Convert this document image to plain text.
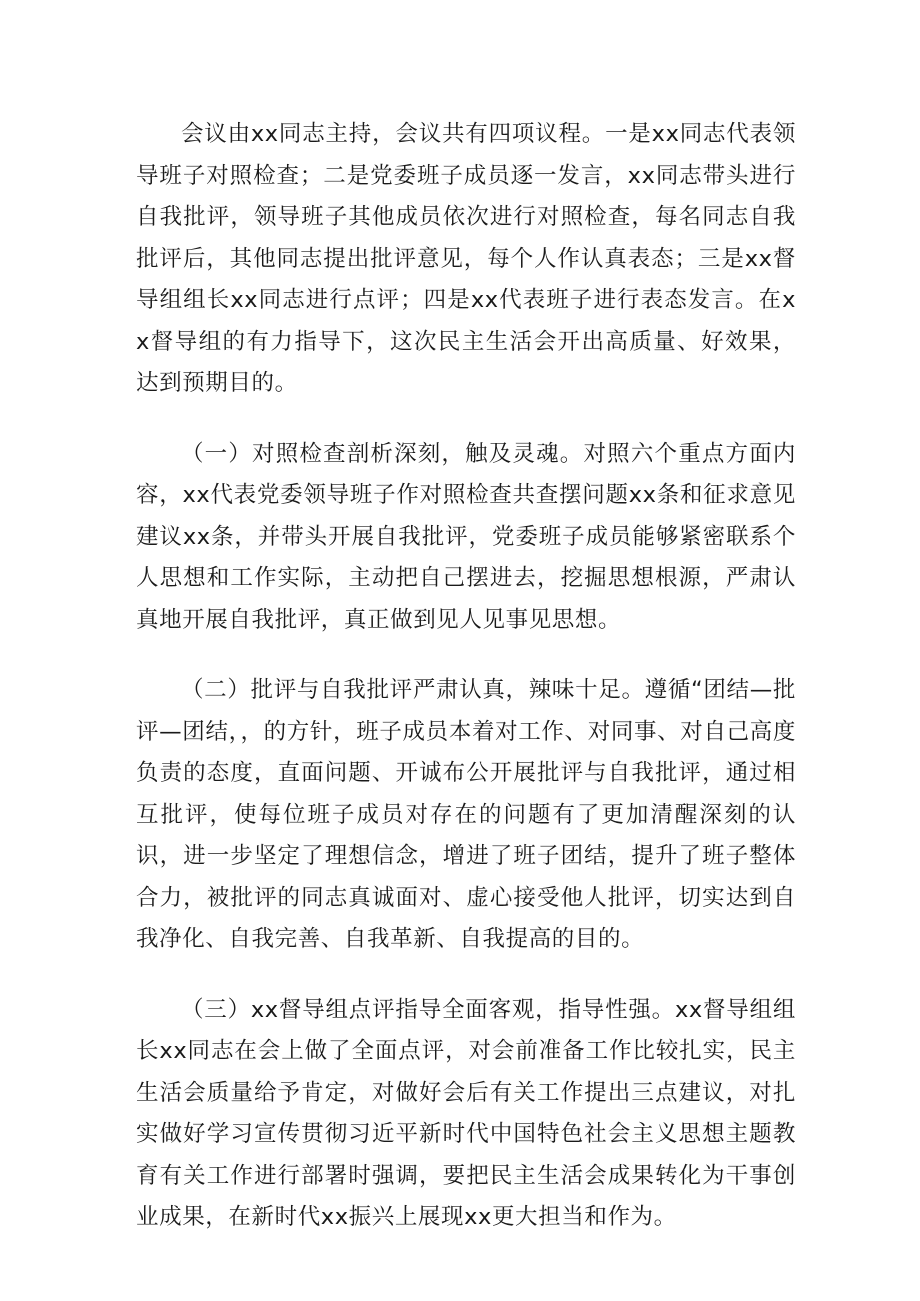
会议由xx同志主持，会议共有四项议程。一是xx同志代表领导班子对照检查；二是党委班子成员逐一发言，xx同志带头进行自我批评，领导班子其他成员依次进行对照检查，每名同志自我批评后，其他同志提出批评意见，每个人作认真表态；三是xx督导组组长xx同志进行点评；四是xx代表班子进行表态发言。在xx督导组的有力指导下，这次民主生活会开出高质量、好效果，达到预期目的。

（一）对照检查剖析深刻，触及灵魂。对照六个重点方面内容，xx代表党委领导班子作对照检查共查摆问题xx条和征求意见建议xx条，并带头开展自我批评，党委班子成员能够紧密联系个人思想和工作实际，主动把自己摆进去，挖掘思想根源，严肃认真地开展自我批评，真正做到见人见事见思想。

（二）批评与自我批评严肃认真，辣味十足。遵循“团结—批评—团结，，的方针，班子成员本着对工作、对同事、对自己高度负责的态度，直面问题、开诚布公开展批评与自我批评，通过相互批评，使每位班子成员对存在的问题有了更加清醒深刻的认识，进一步坚定了理想信念，增进了班子团结，提升了班子整体合力，被批评的同志真诚面对、虚心接受他人批评，切实达到自我净化、自我完善、自我革新、自我提高的目的。

（三）xx督导组点评指导全面客观，指导性强。xx督导组组长xx同志在会上做了全面点评，对会前准备工作比较扎实，民主生活会质量给予肯定，对做好会后有关工作提出三点建议，对扎实做好学习宣传贯彻习近平新时代中国特色社会主义思想主题教育有关工作进行部署时强调，要把民主生活会成果转化为干事创业成果，在新时代xx振兴上展现xx更大担当和作为。
